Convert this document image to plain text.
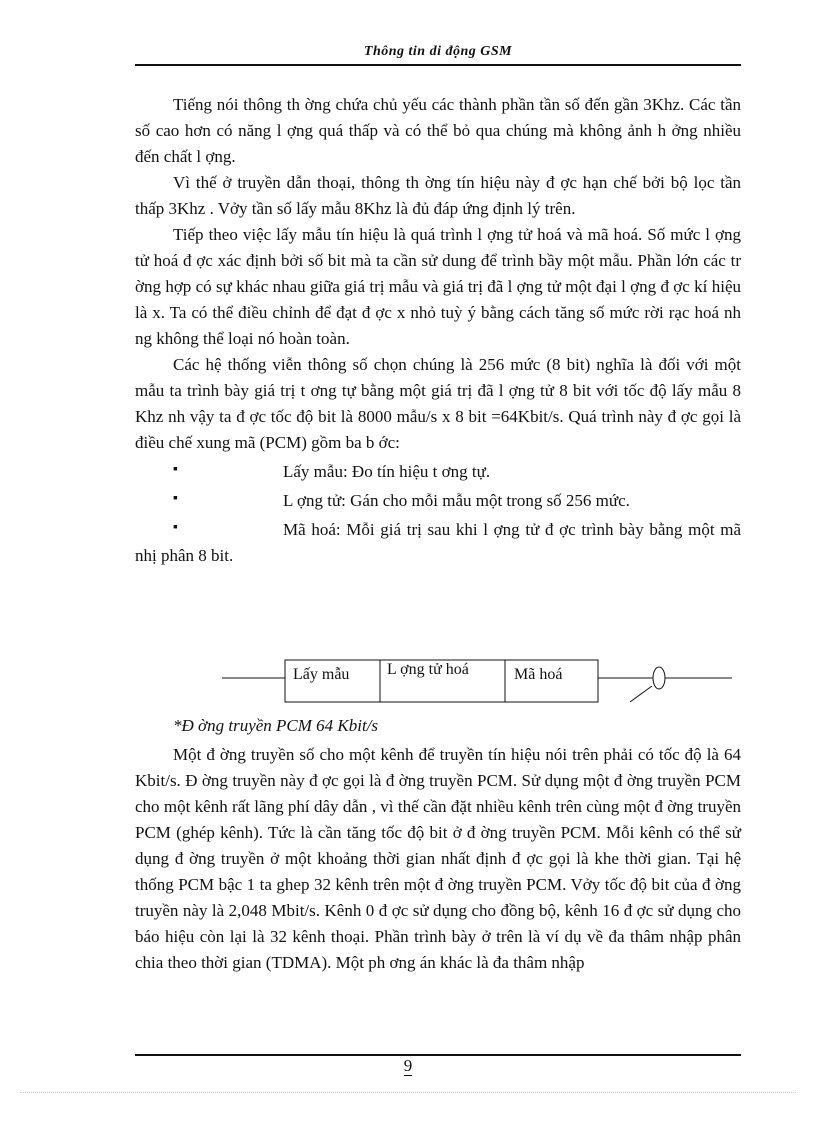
Thông tin di động GSM

Tiếng nói thông th ờng chứa chủ yếu các thành phần tần số đến gần 3Khz. Các tần số cao hơn có năng l ợng quá thấp và có thể bỏ qua chúng mà không ảnh h ởng nhiều đến chất l ợng.

Vì thế ở truyền dẫn thoại, thông th ờng tín hiệu này đ ợc hạn chế bởi bộ lọc tần thấp 3Khz . Vởy tần số lấy mẫu 8Khz là đủ đáp ứng định lý trên.

Tiếp theo việc lấy mẫu tín hiệu là quá trình l ợng tử hoá và mã hoá. Số mức l ợng tử hoá đ ợc xác định bởi số bit mà ta cần sử dung để trình bầy một mẫu. Phần lớn các tr ờng hợp có sự khác nhau giữa giá trị mẫu và giá trị đã l ợng tử một đại l ợng đ ợc kí hiệu là x. Ta có thể điều chỉnh để đạt đ ợc x nhỏ tuỳ ý bằng cách tăng số mức rời rạc hoá nh ng không thể loại nó hoàn toàn.

Các hệ thống viễn thông số chọn chúng là 256 mức (8 bit) nghĩa là đối với một mẫu ta trình bày giá trị t ơng tự bằng một giá trị đã l ợng tử 8 bit với tốc độ lấy mẫu 8 Khz nh vậy ta đ ợc tốc độ bit là 8000 mẫu/s x 8 bit =64Kbit/s. Quá trình này đ ợc gọi là điều chế xung mã (PCM) gồm ba b ớc:

▪	Lấy mẫu: Đo tín hiệu t ơng tự.
▪	L ợng tử: Gán cho mỗi mẫu một trong số 256 mức.
▪	Mã hoá: Mỗi giá trị sau khi l ợng tử đ ợc trình bày bằng một mã nhị phân 8 bit.

Lấy mẫu L ợng tử hoá	Mã hoá
*Đ ờng truyền PCM 64 Kbit/s

Một đ ờng truyền số cho một kênh để truyền tín hiệu nói trên phải có tốc độ là 64 Kbit/s. Đ ờng truyền này đ ợc gọi là đ ờng truyền PCM. Sử dụng một đ ờng truyền PCM cho một kênh rất lãng phí dây dẫn , vì thế cần đặt nhiều kênh trên cùng một đ ờng truyền PCM (ghép kênh). Tức là cần tăng tốc độ bit ở đ ờng truyền PCM. Mỗi kênh có thể sử dụng đ ờng truyền ở một khoảng thời gian nhất định đ ợc gọi là khe thời gian. Tại hệ thống PCM bậc 1 ta ghep 32 kênh trên một đ ờng truyền PCM. Vởy tốc độ bit của đ ờng truyền này là 2,048 Mbit/s. Kênh 0 đ ợc sử dụng cho đồng bộ, kênh 16 đ ợc sử dụng cho báo hiệu còn lại là 32 kênh thoại. Phần trình bày ở trên là ví dụ về đa thâm nhập phân chia theo thời gian (TDMA). Một ph ơng án khác là đa thâm nhập

9
